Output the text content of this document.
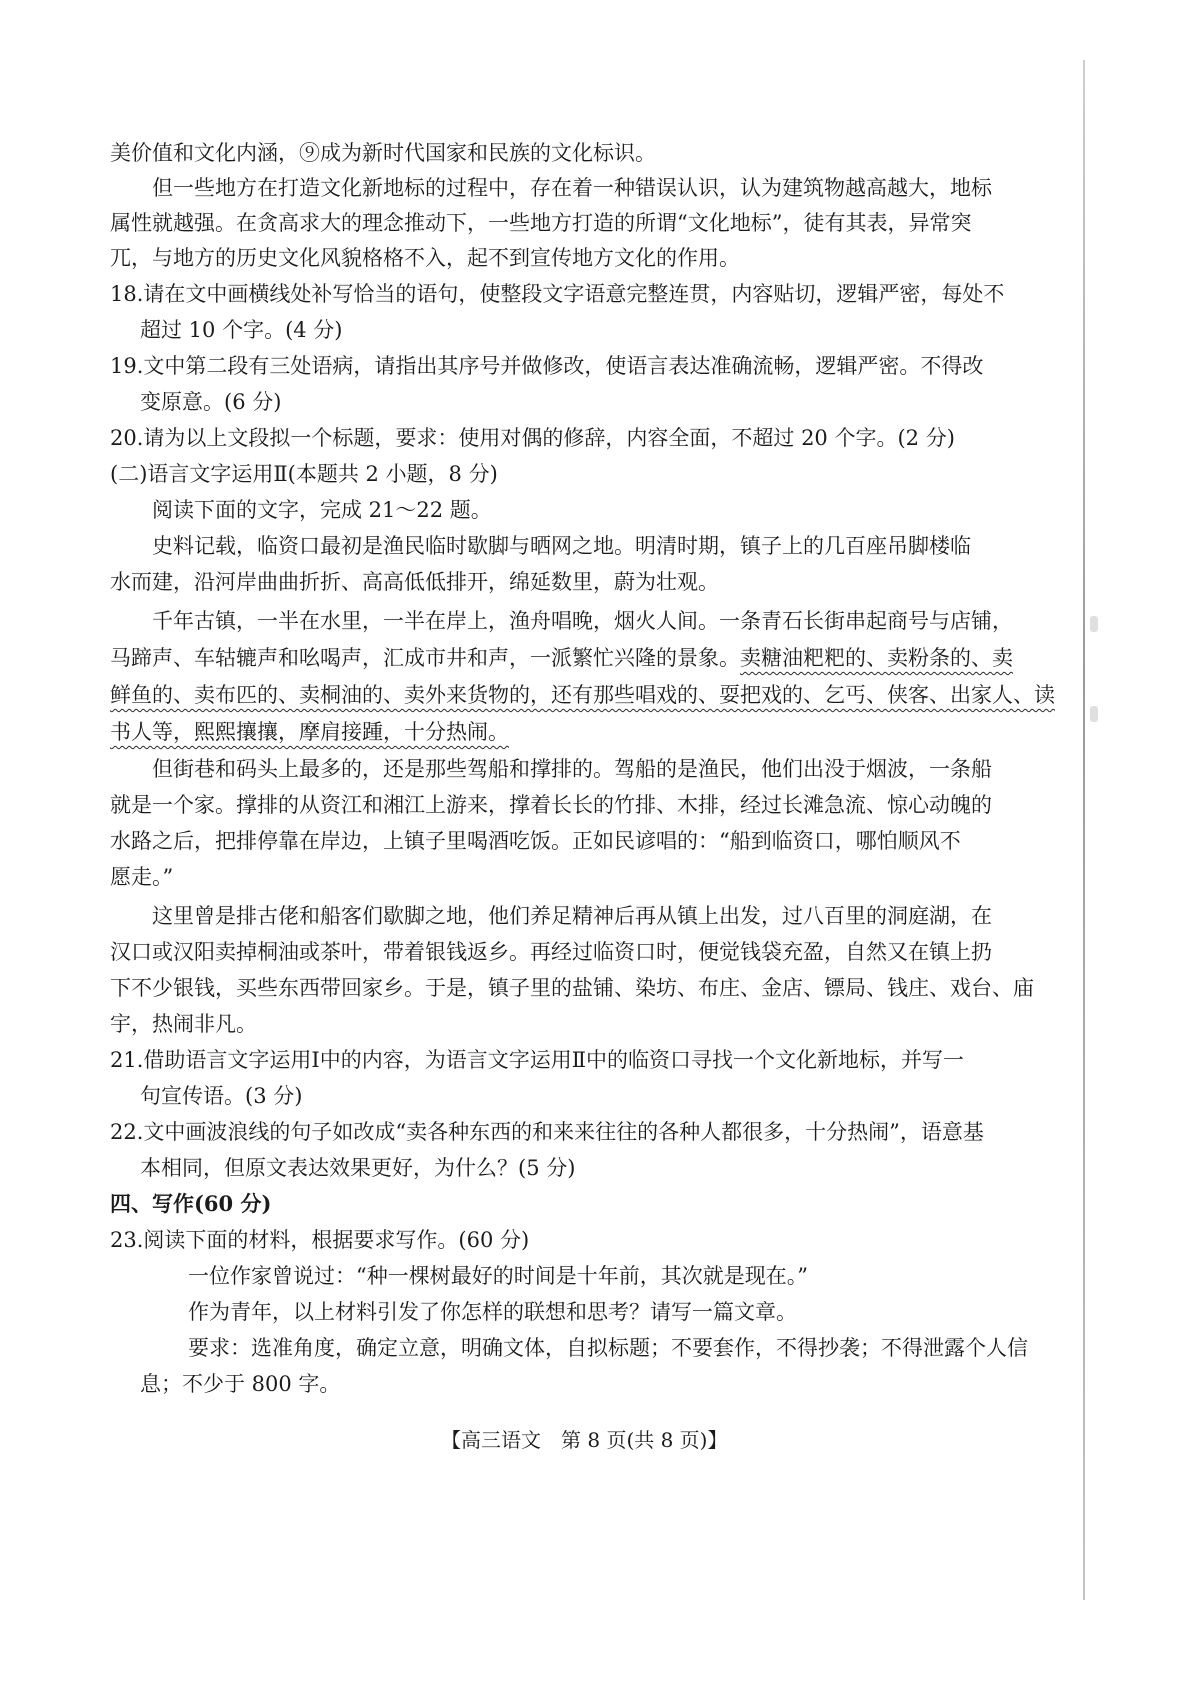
美价值和文化内涵，⑨成为新时代国家和民族的文化标识。
但一些地方在打造文化新地标的过程中，存在着一种错误认识，认为建筑物越高越大，地标
属性就越强。在贪高求大的理念推动下，一些地方打造的所谓“文化地标”，徒有其表，异常突
兀，与地方的历史文化风貌格格不入，起不到宣传地方文化的作用。
18.请在文中画横线处补写恰当的语句，使整段文字语意完整连贯，内容贴切，逻辑严密，每处不
超过 10 个字。(4 分)
19.文中第二段有三处语病，请指出其序号并做修改，使语言表达准确流畅，逻辑严密。不得改
变原意。(6 分)
20.请为以上文段拟一个标题，要求：使用对偶的修辞，内容全面，不超过 20 个字。(2 分)
(二)语言文字运用Ⅱ(本题共 2 小题，8 分)
阅读下面的文字，完成 21～22 题。
史料记载，临资口最初是渔民临时歇脚与晒网之地。明清时期，镇子上的几百座吊脚楼临
水而建，沿河岸曲曲折折、高高低低排开，绵延数里，蔚为壮观。
千年古镇，一半在水里，一半在岸上，渔舟唱晚，烟火人间。一条青石长街串起商号与店铺，
马蹄声、车轱辘声和吆喝声，汇成市井和声，一派繁忙兴隆的景象。卖糖油粑粑的、卖粉条的、卖
鲜鱼的、卖布匹的、卖桐油的、卖外来货物的，还有那些唱戏的、耍把戏的、乞丐、侠客、出家人、读
书人等，熙熙攘攘，摩肩接踵，十分热闹。
但街巷和码头上最多的，还是那些驾船和撑排的。驾船的是渔民，他们出没于烟波，一条船
就是一个家。撑排的从资江和湘江上游来，撑着长长的竹排、木排，经过长滩急流、惊心动魄的
水路之后，把排停靠在岸边，上镇子里喝酒吃饭。正如民谚唱的：“船到临资口，哪怕顺风不
愿走。”
这里曾是排古佬和船客们歇脚之地，他们养足精神后再从镇上出发，过八百里的洞庭湖，在
汉口或汉阳卖掉桐油或茶叶，带着银钱返乡。再经过临资口时，便觉钱袋充盈，自然又在镇上扔
下不少银钱，买些东西带回家乡。于是，镇子里的盐铺、染坊、布庄、金店、镖局、钱庄、戏台、庙
宇，热闹非凡。
21.借助语言文字运用Ⅰ中的内容，为语言文字运用Ⅱ中的临资口寻找一个文化新地标，并写一
句宣传语。(3 分)
22.文中画波浪线的句子如改成“卖各种东西的和来来往往的各种人都很多，十分热闹”，语意基
本相同，但原文表达效果更好，为什么？(5 分)
四、写作(60 分)
23.阅读下面的材料，根据要求写作。(60 分)
一位作家曾说过：“种一棵树最好的时间是十年前，其次就是现在。”
作为青年，以上材料引发了你怎样的联想和思考？请写一篇文章。
要求：选准角度，确定立意，明确文体，自拟标题；不要套作，不得抄袭；不得泄露个人信
息；不少于 800 字。
【高三语文　第 8 页(共 8 页)】
